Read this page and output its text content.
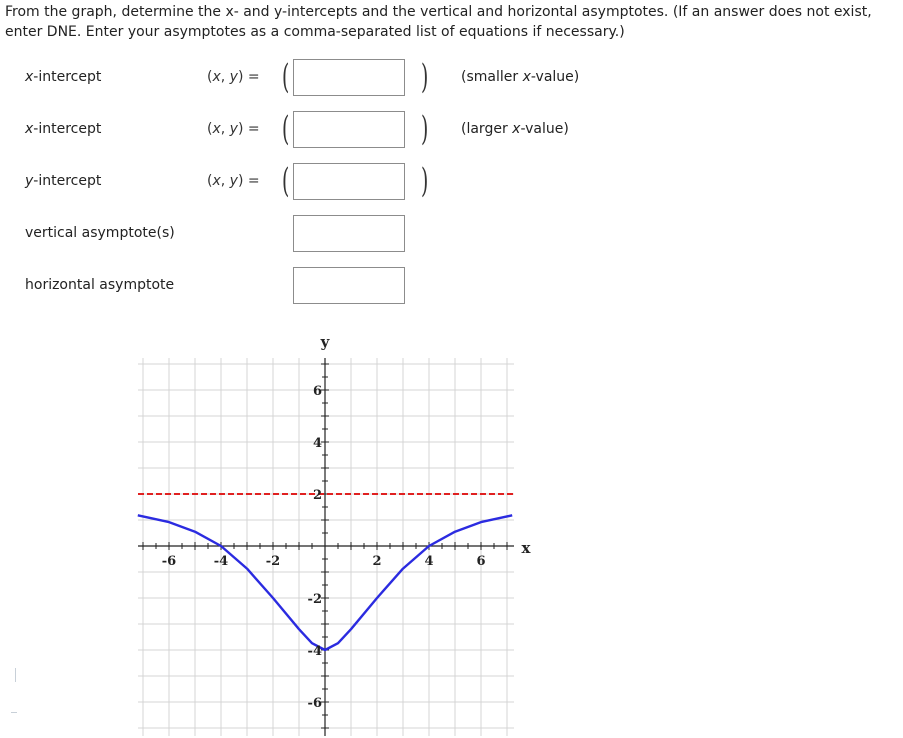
From the graph, determine the x- and y-intercepts and the vertical and horizontal asymptotes. (If an answer does not exist, enter DNE. Enter your asymptotes as a comma-separated list of equations if necessary.)
x-intercept	(x, y) = (	) (smaller x-value)
x-intercept	(x, y) = (	) (larger x-value)
y-intercept	(x, y) = (	)
vertical asymptote(s)
horizontal asymptote
-6	-4	-2	2	4	6
6
4
2
-2
-4
-6
x
y
